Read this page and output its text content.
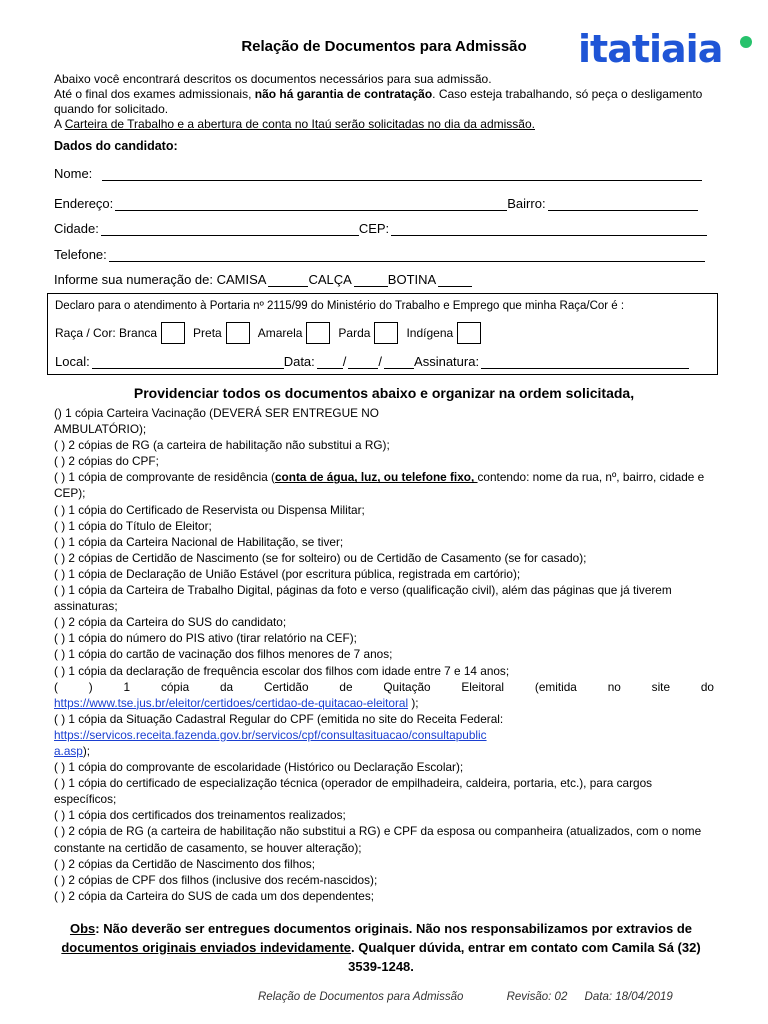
Relação de Documentos para Admissão	itatiaia

Abaixo você encontrará descritos os documentos necessários para sua admissão.

Até o final dos exames admissionais, não há garantia de contratação. Caso esteja trabalhando, só peça o desligamento quando for solicitado.

A Carteira de Trabalho e a abertura de conta no Itaú serão solicitadas no dia da admissão.

Dados do candidato:
Nome:
Endereço:	Bairro:
Cidade:	CEP:
Telefone:
Informe sua numeração de: CAMISA	CALÇA	BOTINA
Declaro para o atendimento à Portaria nº 2115/99 do Ministério do Trabalho e Emprego que minha Raça/Cor é :
Raça / Cor: Branca	Preta	Amarela	Parda	Indígena
Local:	Data: / / Assinatura:
Providenciar todos os documentos abaixo e organizar na ordem solicitada,
() 1 cópia Carteira Vacinação (DEVERÁ SER ENTREGUE NO
AMBULATÓRIO);
( ) 2 cópias de RG (a carteira de habilitação não substitui a RG);
( ) 2 cópias do CPF;
( ) 1 cópia de comprovante de residência (conta de água, luz, ou telefone fixo, contendo: nome da rua, nº, bairro, cidade e CEP);
( ) 1 cópia do Certificado de Reservista ou Dispensa Militar;
( ) 1 cópia do Título de Eleitor;
( ) 1 cópia da Carteira Nacional de Habilitação, se tiver;
( ) 2 cópias de Certidão de Nascimento (se for solteiro) ou de Certidão de Casamento (se for casado);
( ) 1 cópia de Declaração de União Estável (por escritura pública, registrada em cartório);
( ) 1 cópia da Carteira de Trabalho Digital, páginas da foto e verso (qualificação civil), além das páginas que já tiverem assinaturas;
( ) 2 cópia da Carteira do SUS do candidato;
( ) 1 cópia do número do PIS ativo (tirar relatório na CEF);
( ) 1 cópia do cartão de vacinação dos filhos menores de 7 anos;
( ) 1 cópia da declaração de frequência escolar dos filhos com idade entre 7 e 14 anos;
( ) 1 cópia da Certidão de Quitação Eleitoral (emitida no site do
https://www.tse.jus.br/eleitor/certidoes/certidao-de-quitacao-eleitoral );
( ) 1 cópia da Situação Cadastral Regular do CPF (emitida no site do Receita Federal:
https://servicos.receita.fazenda.gov.br/servicos/cpf/consultasituacao/consultapublic
a.asp);
( ) 1 cópia do comprovante de escolaridade (Histórico ou Declaração Escolar);
( ) 1 cópia do certificado de especialização técnica (operador de empilhadeira, caldeira, portaria, etc.), para cargos específicos;
( ) 1 cópia dos certificados dos treinamentos realizados;
( ) 2 cópia de RG (a carteira de habilitação não substitui a RG) e CPF da esposa ou companheira (atualizados, com o nome constante na certidão de casamento, se houver alteração);
( ) 2 cópias da Certidão de Nascimento dos filhos;
( ) 2 cópias de CPF dos filhos (inclusive dos recém-nascidos);
( ) 2 cópia da Carteira do SUS de cada um dos dependentes;
Obs: Não deverão ser entregues documentos originais. Não nos responsabilizamos por extravios de documentos originais enviados indevidamente. Qualquer dúvida, entrar em contato com Camila Sá (32) 3539-1248.
Relação de Documentos para Admissão	Revisão: 02 Data: 18/04/2019
